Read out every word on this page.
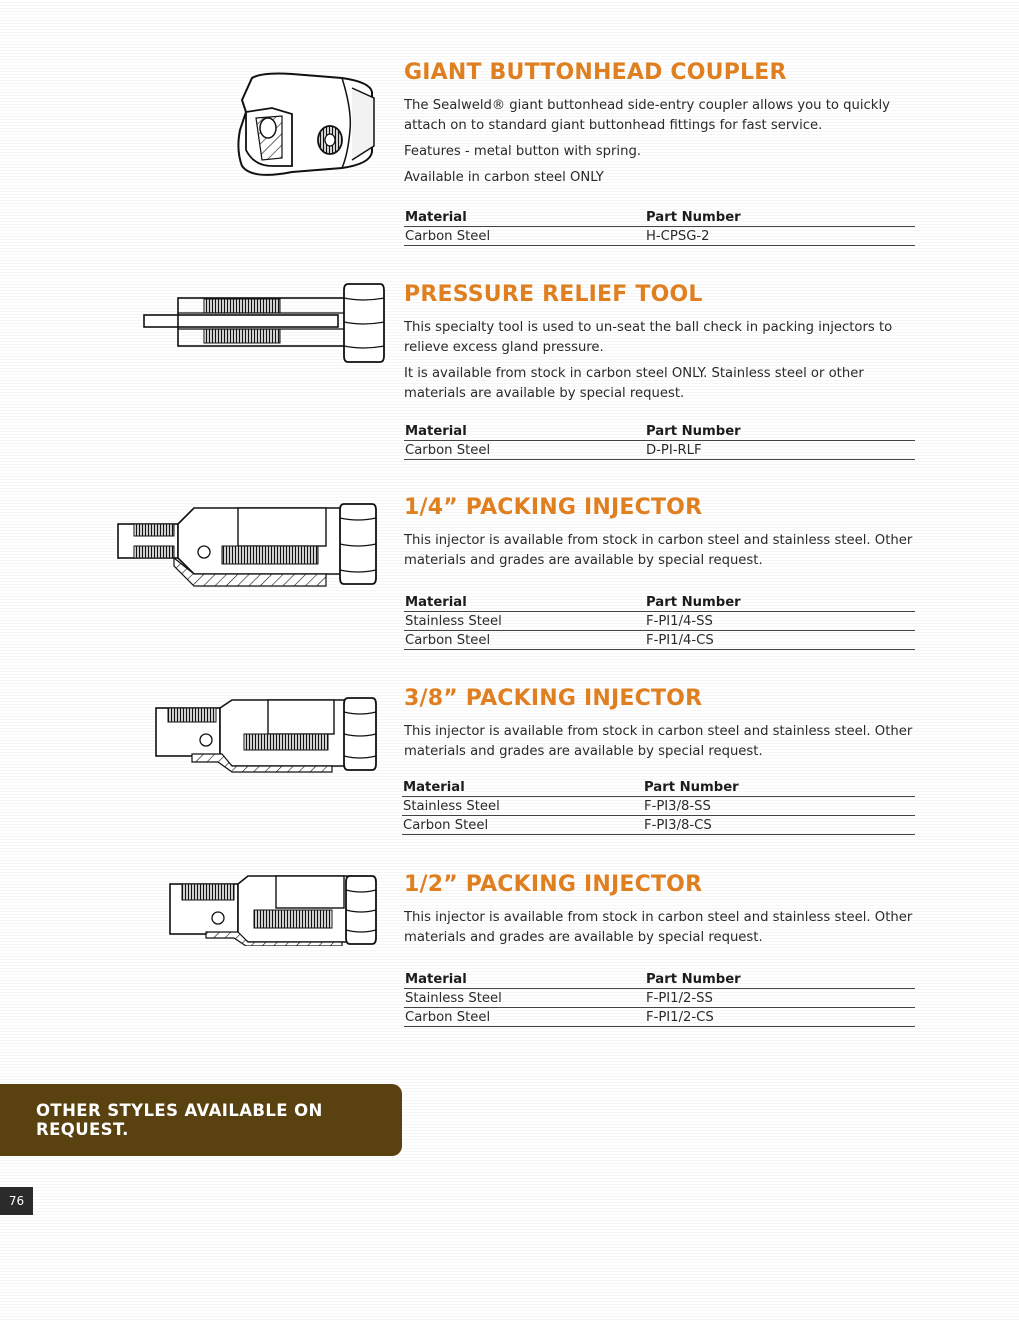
GIANT BUTTONHEAD COUPLER

The Sealweld® giant buttonhead side-entry coupler allows you to quickly attach on to standard giant buttonhead fittings for fast service.

Features - metal button with spring.

Available in carbon steel ONLY

Material	Part Number
Carbon Steel	H-CPSG-2
PRESSURE RELIEF TOOL

This specialty tool is used to un-seat the ball check in packing injectors to relieve excess gland pressure.

It is available from stock in carbon steel ONLY. Stainless steel or other materials are available by special request.

Material	Part Number
Carbon Steel	D-PI-RLF
1/4” PACKING INJECTOR

This injector is available from stock in carbon steel and stainless steel. Other materials and grades are available by special request.

Material	Part Number
Stainless Steel	F-PI1/4-SS
Carbon Steel	F-PI1/4-CS
3/8” PACKING INJECTOR

This injector is available from stock in carbon steel and stainless steel. Other materials and grades are available by special request.

Material	Part Number
Stainless Steel	F-PI3/8-SS
Carbon Steel	F-PI3/8-CS
1/2” PACKING INJECTOR

This injector is available from stock in carbon steel and stainless steel. Other materials and grades are available by special request.

Material	Part Number
Stainless Steel	F-PI1/2-SS
Carbon Steel	F-PI1/2-CS
OTHER STYLES AVAILABLE ON REQUEST.
76
